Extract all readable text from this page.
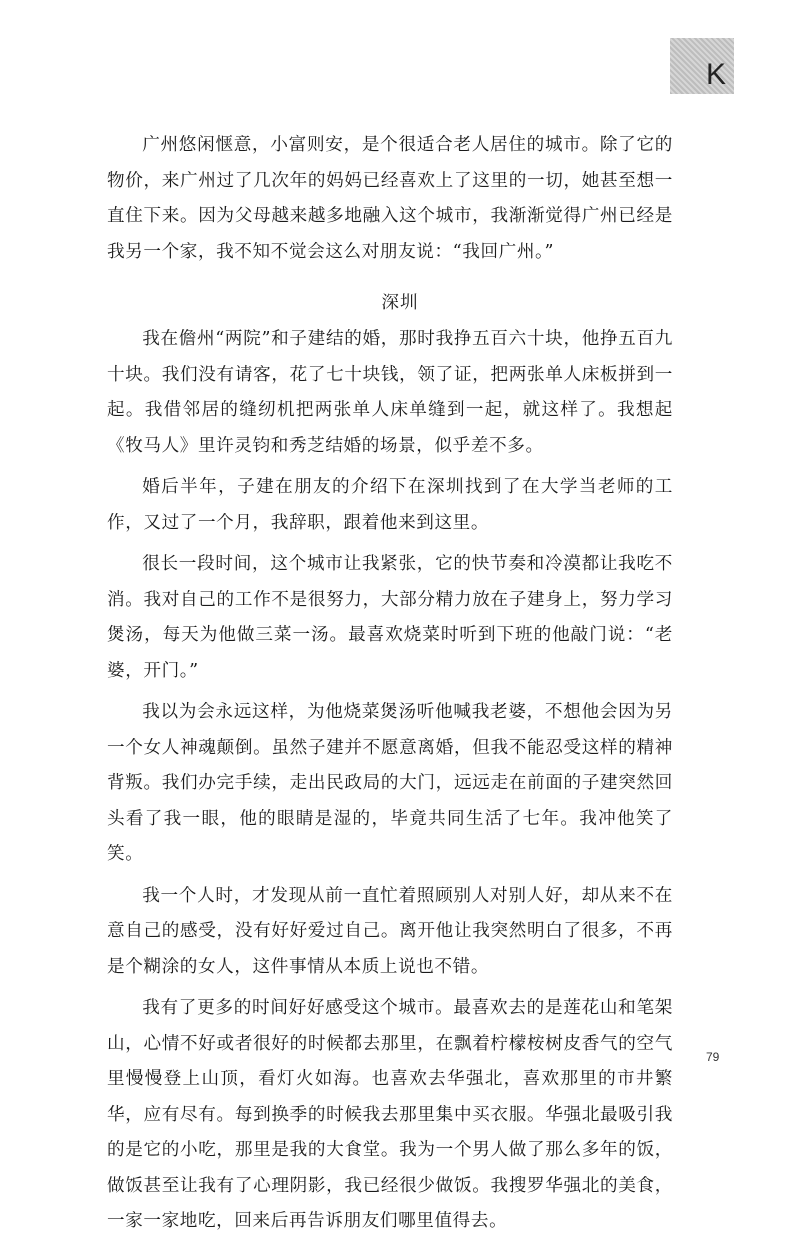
K

广州悠闲惬意，小富则安，是个很适合老人居住的城市。除了它的物价，来广州过了几次年的妈妈已经喜欢上了这里的一切，她甚至想一直住下来。因为父母越来越多地融入这个城市，我渐渐觉得广州已经是我另一个家，我不知不觉会这么对朋友说：“我回广州。”

深圳

我在儋州“两院”和子建结的婚，那时我挣五百六十块，他挣五百九十块。我们没有请客，花了七十块钱，领了证，把两张单人床板拼到一起。我借邻居的缝纫机把两张单人床单缝到一起，就这样了。我想起《牧马人》里许灵钧和秀芝结婚的场景，似乎差不多。

婚后半年，子建在朋友的介绍下在深圳找到了在大学当老师的工作，又过了一个月，我辞职，跟着他来到这里。

很长一段时间，这个城市让我紧张，它的快节奏和冷漠都让我吃不消。我对自己的工作不是很努力，大部分精力放在子建身上，努力学习煲汤，每天为他做三菜一汤。最喜欢烧菜时听到下班的他敲门说：“老婆，开门。”

我以为会永远这样，为他烧菜煲汤听他喊我老婆，不想他会因为另一个女人神魂颠倒。虽然子建并不愿意离婚，但我不能忍受这样的精神背叛。我们办完手续，走出民政局的大门，远远走在前面的子建突然回头看了我一眼，他的眼睛是湿的，毕竟共同生活了七年。我冲他笑了笑。

我一个人时，才发现从前一直忙着照顾别人对别人好，却从来不在意自己的感受，没有好好爱过自己。离开他让我突然明白了很多，不再是个糊涂的女人，这件事情从本质上说也不错。

我有了更多的时间好好感受这个城市。最喜欢去的是莲花山和笔架山，心情不好或者很好的时候都去那里，在飘着柠檬桉树皮香气的空气里慢慢登上山顶，看灯火如海。也喜欢去华强北，喜欢那里的市井繁华，应有尽有。每到换季的时候我去那里集中买衣服。华强北最吸引我的是它的小吃，那里是我的大食堂。我为一个男人做了那么多年的饭，做饭甚至让我有了心理阴影，我已经很少做饭。我搜罗华强北的美食，一家一家地吃，回来后再告诉朋友们哪里值得去。

79
